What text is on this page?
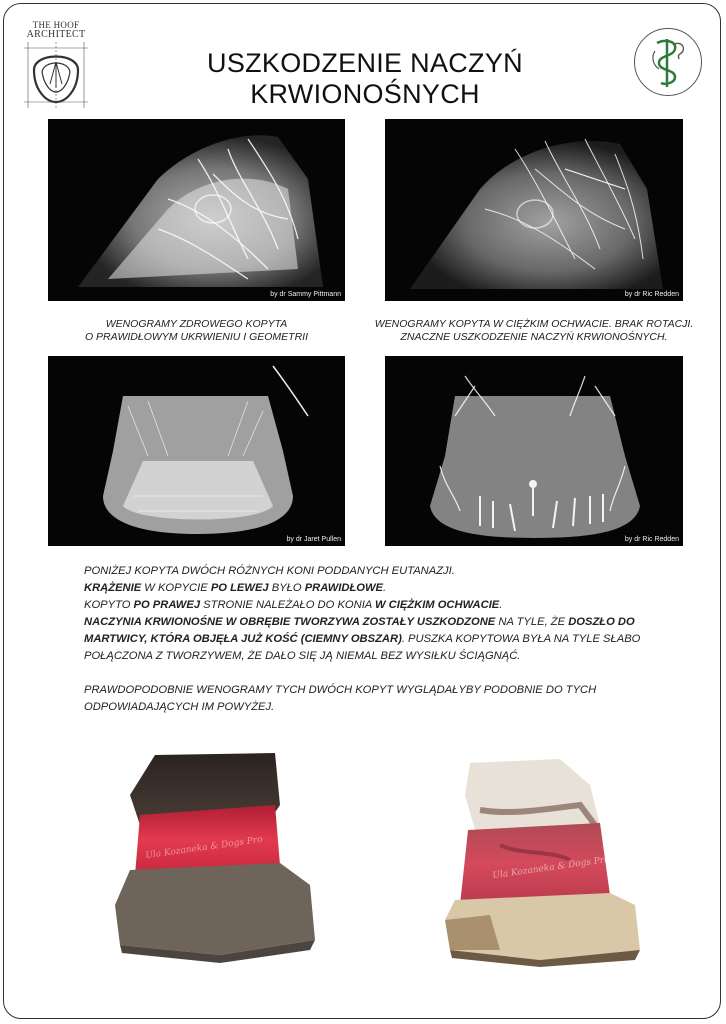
THE HOOF
ARCHITECT
USZKODZENIE NACZYŃ KRWIONOŚNYCH
by dr Sammy Pittmann	by dr Ric Redden
WENOGRAMY ZDROWEGO KOPYTA
O PRAWIDŁOWYM UKRWIENIU I GEOMETRII
WENOGRAMY KOPYTA W CIĘŻKIM OCHWACIE. BRAK ROTACJI.
ZNACZNE USZKODZENIE NACZYŃ KRWIONOŚNYCH.
by dr Jaret Pullen	by dr Ric Redden

PONIŻEJ KOPYTA DWÓCH RÓŻNYCH KONI PODDANYCH EUTANAZJI.

KRĄŻENIE W KOPYCIE PO LEWEJ BYŁO PRAWIDŁOWE.

KOPYTO PO PRAWEJ STRONIE NALEŻAŁO DO KONIA W CIĘŻKIM OCHWACIE.

NACZYNIA KRWIONOŚNE W OBRĘBIE TWORZYWA ZOSTAŁY USZKODZONE NA TYLE, ŻE DOSZŁO DO MARTWICY, KTÓRA OBJĘŁA JUŻ KOŚĆ (CIEMNY OBSZAR). PUSZKA KOPYTOWA BYŁA NA TYLE SŁABO POŁĄCZONA Z TWORZYWEM, ŻE DAŁO SIĘ JĄ NIEMAL BEZ WYSIŁKU ŚCIĄGNĄĆ.

PRAWDOPODOBNIE WENOGRAMY TYCH DWÓCH KOPYT WYGLĄDAŁYBY PODOBNIE DO TYCH ODPOWIADAJĄCYCH IM POWYŻEJ.

Ula Kozaneka & Dogs Pro
Ula Kozaneka & Dogs Pro
